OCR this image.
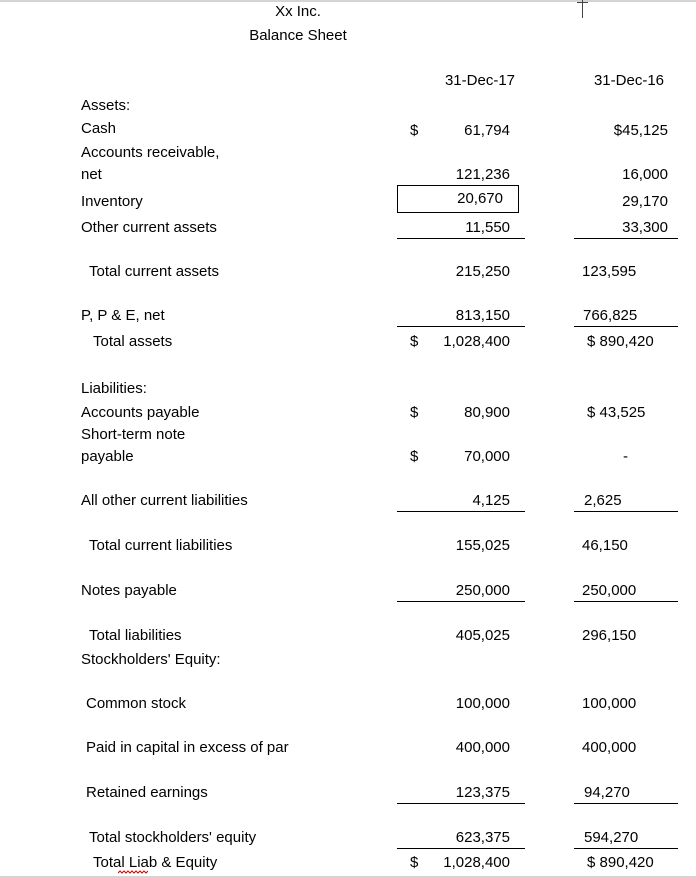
Xx Inc.
Balance Sheet
31-Dec-17	31-Dec-16
Assets:
Cash	$	61,794	$45,125
Accounts receivable,
net	121,236	16,000
Inventory	20,670	29,170
Other current assets	11,550	33,300
Total current assets	215,250	123,595
P, P & E, net	813,150	766,825
Total assets	$	1,028,400	$ 890,420
Liabilities:
Accounts payable	$	80,900	$ 43,525
Short-term note
payable	$	70,000	-
All other current liabilities	4,125	2,625
Total current liabilities	155,025	46,150
Notes payable	250,000	250,000
Total liabilities	405,025	296,150
Stockholders' Equity:
Common stock	100,000	100,000
Paid in capital in excess of par	400,000	400,000
Retained earnings	123,375	94,270
Total stockholders' equity	623,375	594,270
Total Liab & Equity	$	1,028,400	$ 890,420
